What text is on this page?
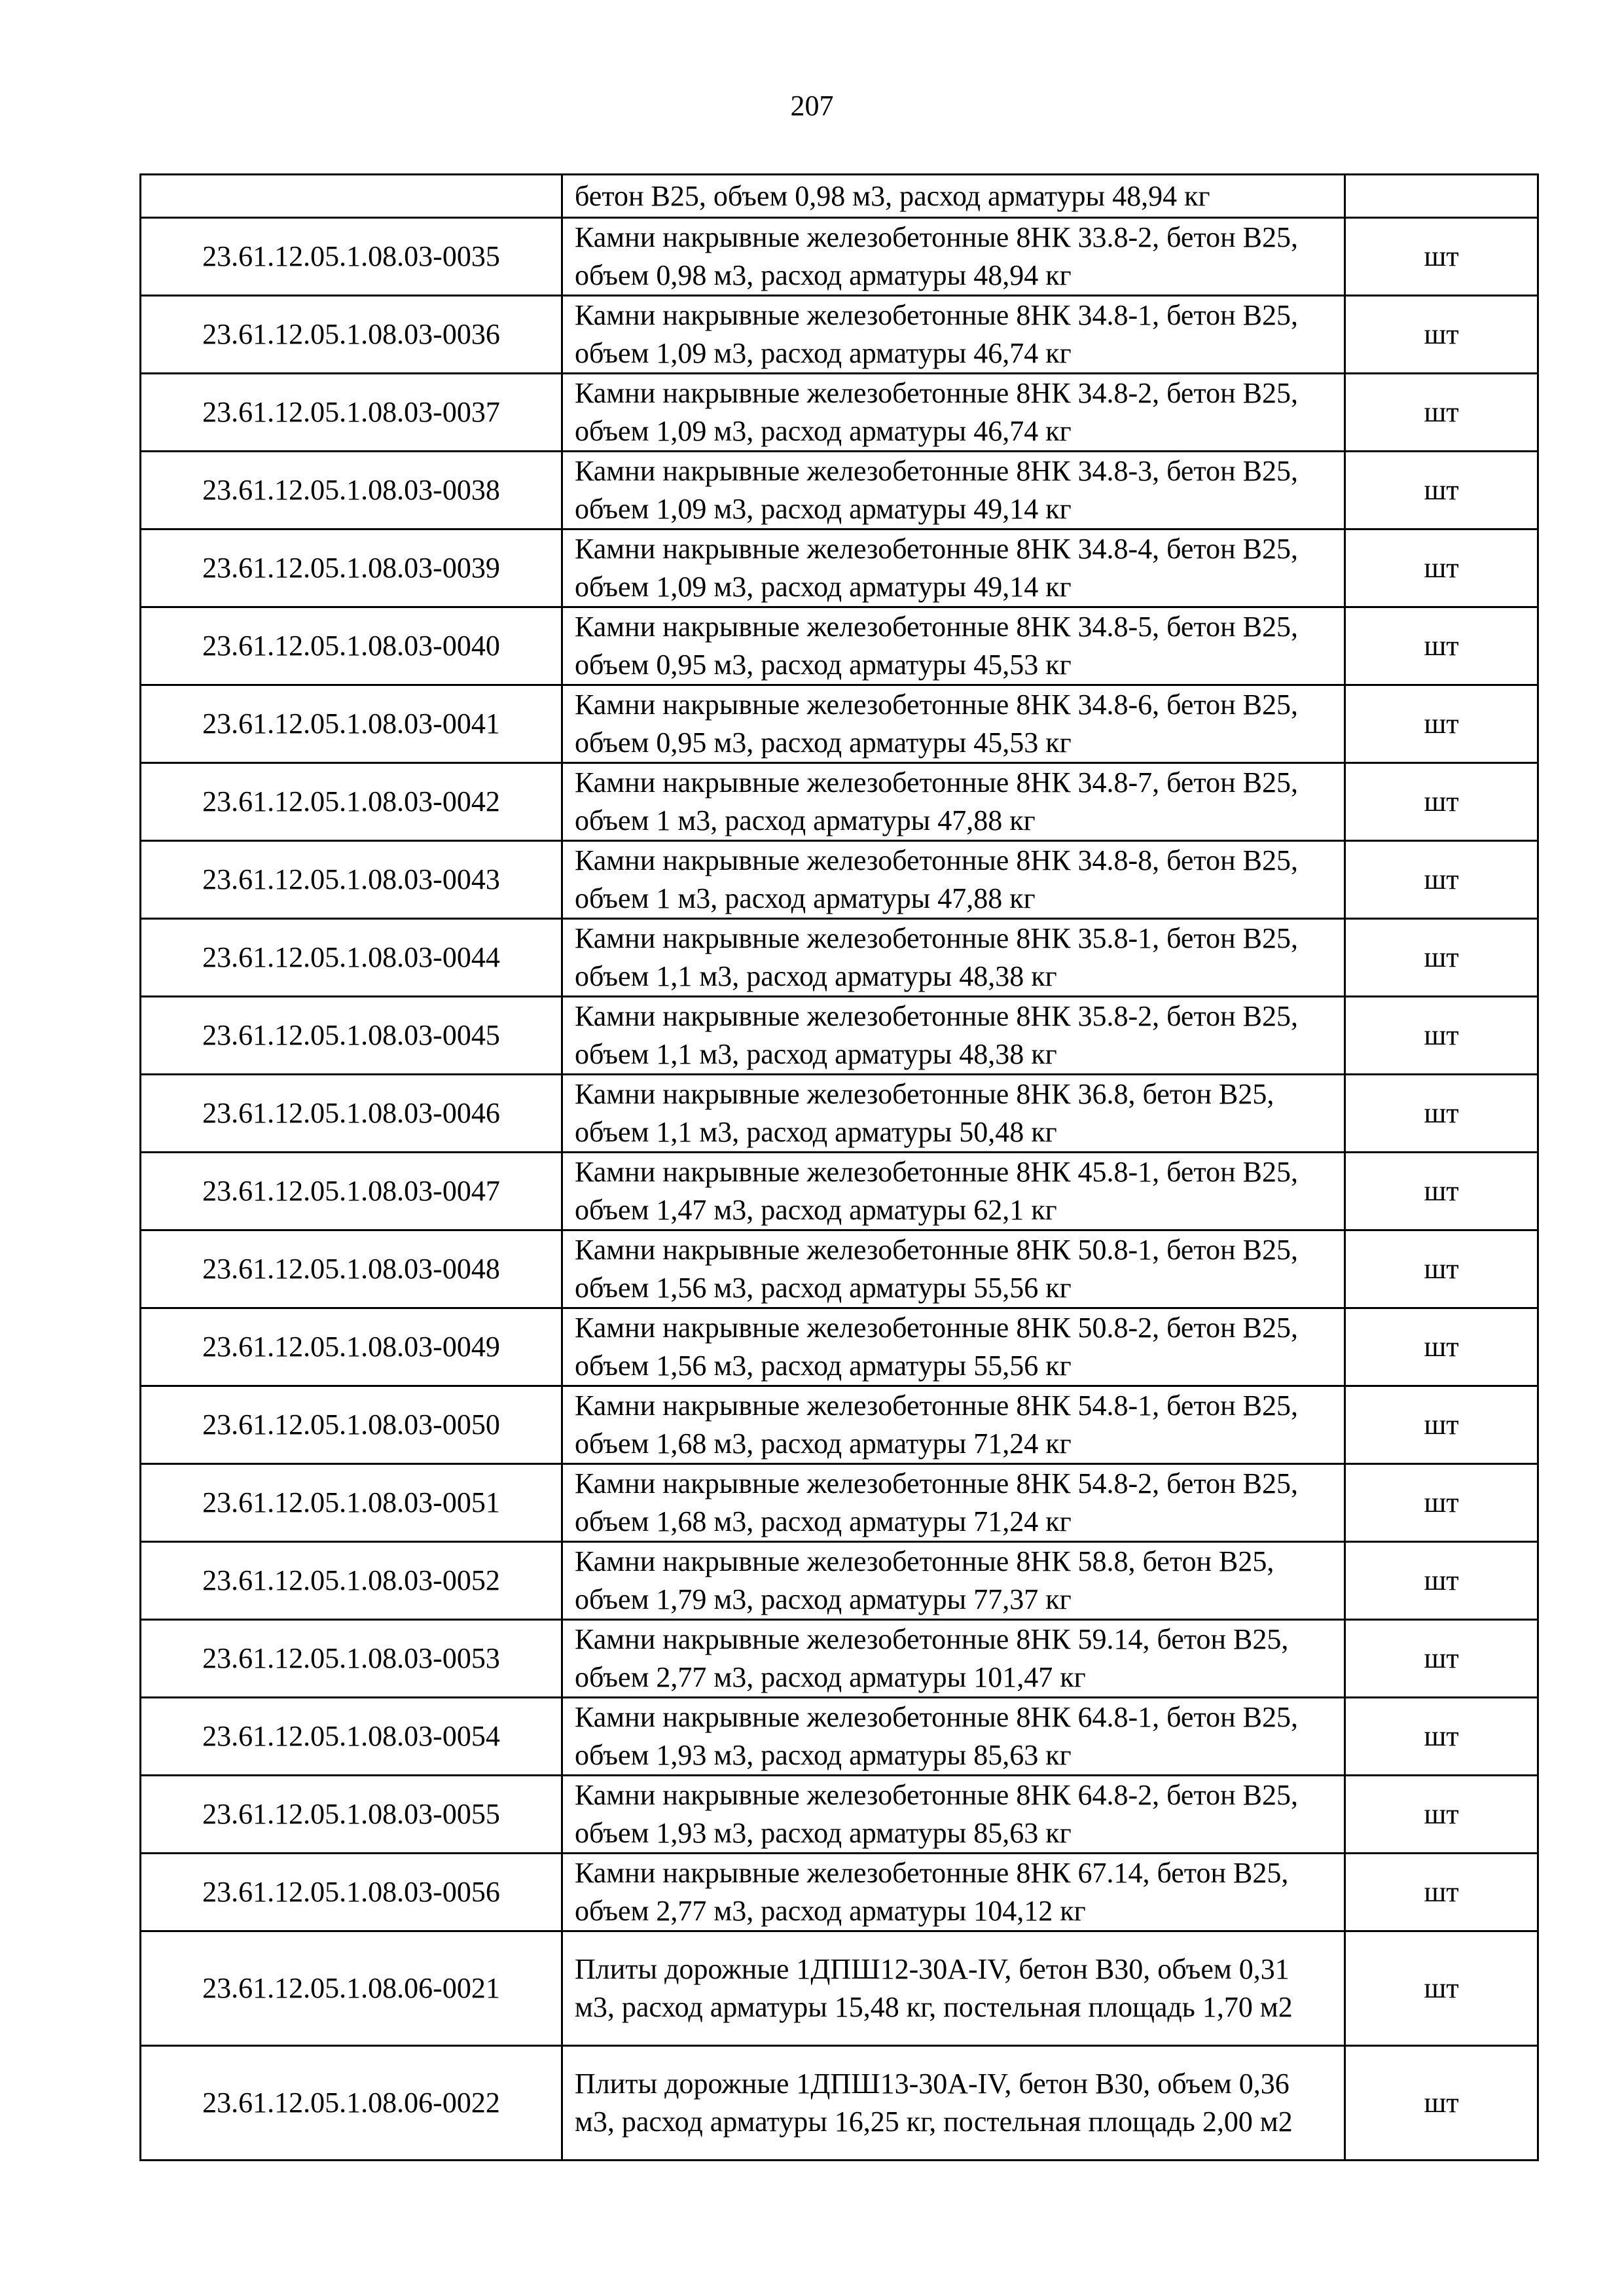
207
	бетон B25, объем 0,98 м3, расход арматуры 48,94 кг	
23.61.12.05.1.08.03-0035	Камни накрывные железобетонные 8НК 33.8-2, бетон B25, объем 0,98 м3, расход арматуры 48,94 кг	шт
23.61.12.05.1.08.03-0036	Камни накрывные железобетонные 8НК 34.8-1, бетон B25, объем 1,09 м3, расход арматуры 46,74 кг	шт
23.61.12.05.1.08.03-0037	Камни накрывные железобетонные 8НК 34.8-2, бетон B25, объем 1,09 м3, расход арматуры 46,74 кг	шт
23.61.12.05.1.08.03-0038	Камни накрывные железобетонные 8НК 34.8-3, бетон B25, объем 1,09 м3, расход арматуры 49,14 кг	шт
23.61.12.05.1.08.03-0039	Камни накрывные железобетонные 8НК 34.8-4, бетон B25, объем 1,09 м3, расход арматуры 49,14 кг	шт
23.61.12.05.1.08.03-0040	Камни накрывные железобетонные 8НК 34.8-5, бетон B25, объем 0,95 м3, расход арматуры 45,53 кг	шт
23.61.12.05.1.08.03-0041	Камни накрывные железобетонные 8НК 34.8-6, бетон B25, объем 0,95 м3, расход арматуры 45,53 кг	шт
23.61.12.05.1.08.03-0042	Камни накрывные железобетонные 8НК 34.8-7, бетон B25, объем 1 м3, расход арматуры 47,88 кг	шт
23.61.12.05.1.08.03-0043	Камни накрывные железобетонные 8НК 34.8-8, бетон B25, объем 1 м3, расход арматуры 47,88 кг	шт
23.61.12.05.1.08.03-0044	Камни накрывные железобетонные 8НК 35.8-1, бетон B25, объем 1,1 м3, расход арматуры 48,38 кг	шт
23.61.12.05.1.08.03-0045	Камни накрывные железобетонные 8НК 35.8-2, бетон B25, объем 1,1 м3, расход арматуры 48,38 кг	шт
23.61.12.05.1.08.03-0046	Камни накрывные железобетонные 8НК 36.8, бетон B25, объем 1,1 м3, расход арматуры 50,48 кг	шт
23.61.12.05.1.08.03-0047	Камни накрывные железобетонные 8НК 45.8-1, бетон B25, объем 1,47 м3, расход арматуры 62,1 кг	шт
23.61.12.05.1.08.03-0048	Камни накрывные железобетонные 8НК 50.8-1, бетон B25, объем 1,56 м3, расход арматуры 55,56 кг	шт
23.61.12.05.1.08.03-0049	Камни накрывные железобетонные 8НК 50.8-2, бетон B25, объем 1,56 м3, расход арматуры 55,56 кг	шт
23.61.12.05.1.08.03-0050	Камни накрывные железобетонные 8НК 54.8-1, бетон B25, объем 1,68 м3, расход арматуры 71,24 кг	шт
23.61.12.05.1.08.03-0051	Камни накрывные железобетонные 8НК 54.8-2, бетон B25, объем 1,68 м3, расход арматуры 71,24 кг	шт
23.61.12.05.1.08.03-0052	Камни накрывные железобетонные 8НК 58.8, бетон B25, объем 1,79 м3, расход арматуры 77,37 кг	шт
23.61.12.05.1.08.03-0053	Камни накрывные железобетонные 8НК 59.14, бетон B25, объем 2,77 м3, расход арматуры 101,47 кг	шт
23.61.12.05.1.08.03-0054	Камни накрывные железобетонные 8НК 64.8-1, бетон B25, объем 1,93 м3, расход арматуры 85,63 кг	шт
23.61.12.05.1.08.03-0055	Камни накрывные железобетонные 8НК 64.8-2, бетон B25, объем 1,93 м3, расход арматуры 85,63 кг	шт
23.61.12.05.1.08.03-0056	Камни накрывные железобетонные 8НК 67.14, бетон B25, объем 2,77 м3, расход арматуры 104,12 кг	шт
23.61.12.05.1.08.06-0021	Плиты дорожные 1ДПШ12-30А-IV, бетон B30, объем 0,31 м3, расход арматуры 15,48 кг, постельная площадь 1,70 м2	шт
23.61.12.05.1.08.06-0022	Плиты дорожные 1ДПШ13-30А-IV, бетон B30, объем 0,36 м3, расход арматуры 16,25 кг, постельная площадь 2,00 м2	шт
